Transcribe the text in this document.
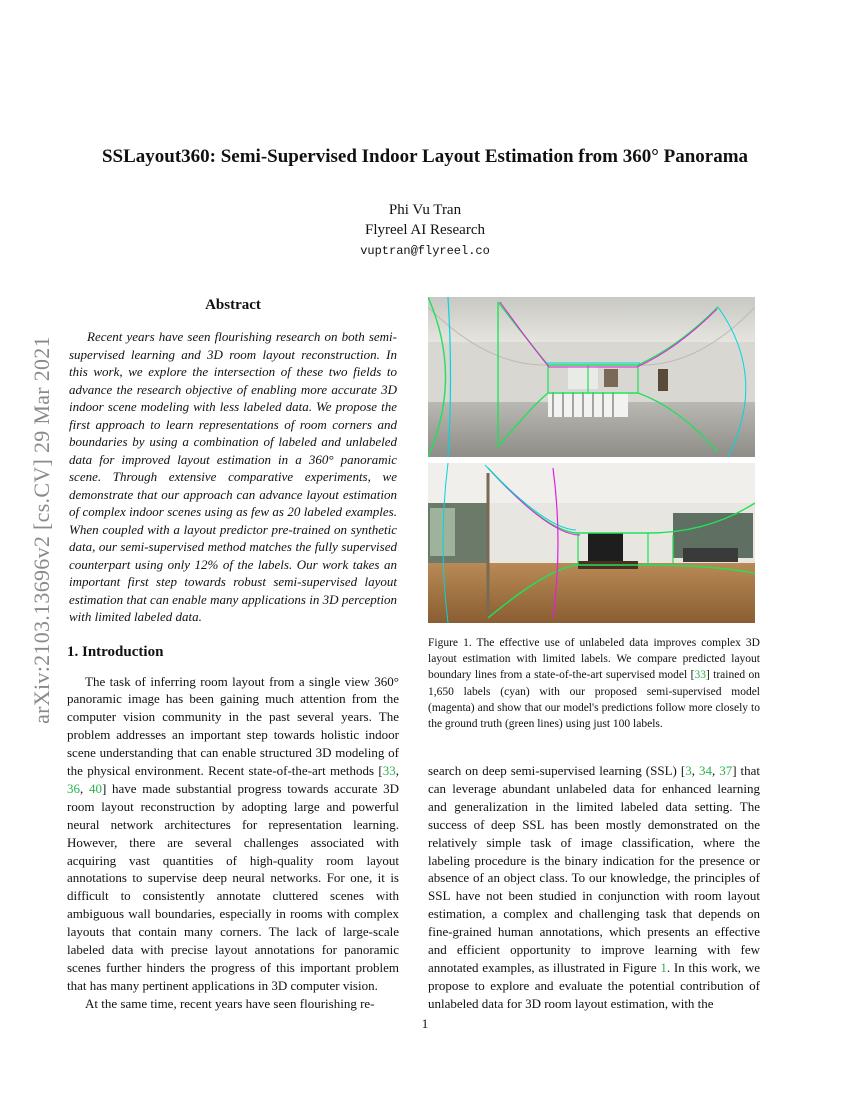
arXiv:2103.13696v2 [cs.CV] 29 Mar 2021
SSLayout360: Semi-Supervised Indoor Layout Estimation from 360° Panorama
Phi Vu Tran
Flyreel AI Research
vuptran@flyreel.co
Abstract

Recent years have seen flourishing research on both semi-supervised learning and 3D room layout reconstruction. In this work, we explore the intersection of these two fields to advance the research objective of enabling more accurate 3D indoor scene modeling with less labeled data. We propose the first approach to learn representations of room corners and boundaries by using a combination of labeled and unlabeled data for improved layout estimation in a 360° panoramic scene. Through extensive comparative experiments, we demonstrate that our approach can advance layout estimation of complex indoor scenes using as few as 20 labeled examples. When coupled with a layout predictor pre-trained on synthetic data, our semi-supervised method matches the fully supervised counterpart using only 12% of the labels. Our work takes an important first step towards robust semi-supervised layout estimation that can enable many applications in 3D perception with limited labeled data.

1. Introduction

The task of inferring room layout from a single view 360° panoramic image has been gaining much attention from the computer vision community in the past several years. The problem addresses an important step towards holistic indoor scene understanding that can enable structured 3D modeling of the physical environment. Recent state-of-the-art methods [33, 36, 40] have made substantial progress towards accurate 3D room layout reconstruction by adopting large and powerful neural network architectures for representation learning. However, there are several challenges associated with acquiring vast quantities of high-quality room layout annotations to supervise deep neural networks. For one, it is difficult to consistently annotate cluttered scenes with ambiguous wall boundaries, especially in rooms with complex layouts that contain many corners. The lack of large-scale labeled data with precise layout annotations for panoramic scenes further hinders the progress of this important problem that has many pertinent applications in 3D computer vision.

At the same time, recent years have seen flourishing re-

Figure 1. The effective use of unlabeled data improves complex 3D layout estimation with limited labels. We compare predicted layout boundary lines from a state-of-the-art supervised model [33] trained on 1,650 labels (cyan) with our proposed semi-supervised model (magenta) and show that our model's predictions follow more closely to the ground truth (green lines) using just 100 labels.

search on deep semi-supervised learning (SSL) [3, 34, 37] that can leverage abundant unlabeled data for enhanced learning and generalization in the limited labeled data setting. The success of deep SSL has been mostly demonstrated on the relatively simple task of image classification, where the labeling procedure is the binary indication for the presence or absence of an object class. To our knowledge, the principles of SSL have not been studied in conjunction with room layout estimation, a complex and challenging task that depends on fine-grained human annotations, which presents an effective and efficient opportunity to improve learning with few annotated examples, as illustrated in Figure 1. In this work, we propose to explore and evaluate the potential contribution of unlabeled data for 3D room layout estimation, with the

1
